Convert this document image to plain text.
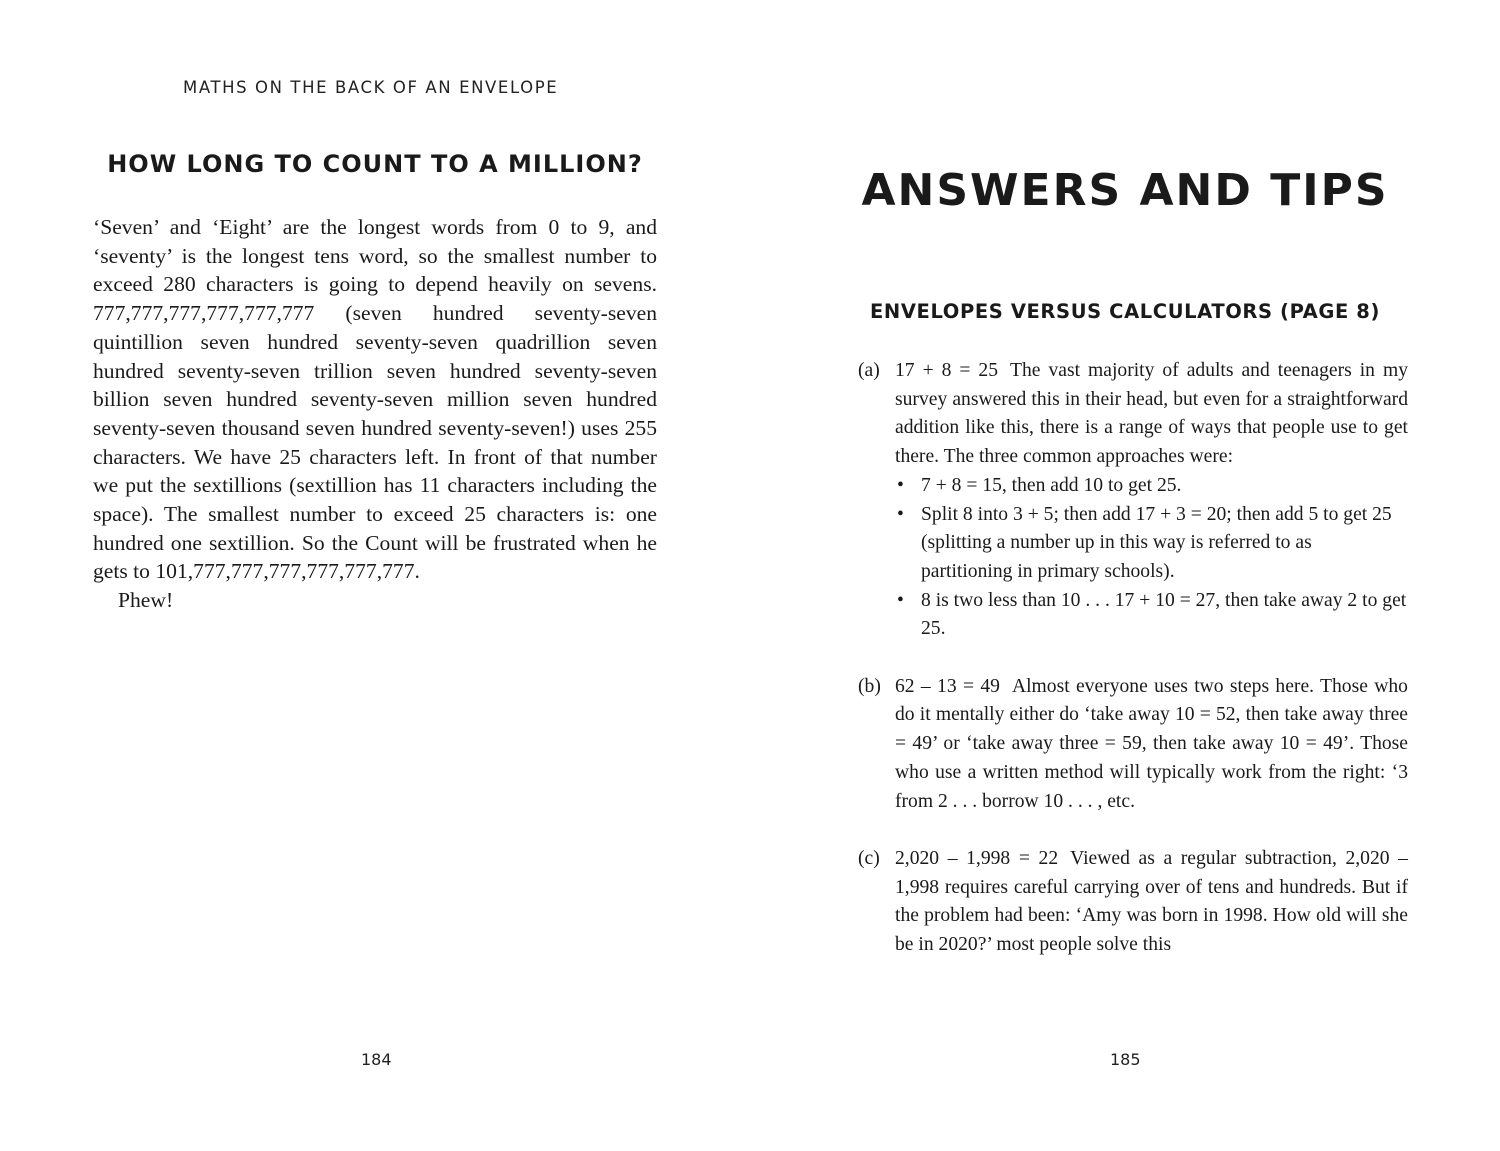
MATHS ON THE BACK OF AN ENVELOPE
HOW LONG TO COUNT TO A MILLION?

‘Seven’ and ‘Eight’ are the longest words from 0 to 9, and ‘seventy’ is the longest tens word, so the smallest number to exceed 280 characters is going to depend heavily on sevens. 777,777,777,777,777,777 (seven hundred seventy-seven quintillion seven hundred seventy-seven quadrillion seven hundred seventy-seven trillion seven hundred seventy-seven billion seven hundred seventy-seven million seven hundred seventy-seven thousand seven hundred seventy-seven!) uses 255 characters. We have 25 characters left. In front of that number we put the sextillions (sextillion has 11 characters including the space). The smallest number to exceed 25 characters is: one hundred one sextillion. So the Count will be frustrated when he gets to 101,777,777,777,777,777,777.

Phew!

184
ANSWERS AND TIPS
ENVELOPES VERSUS CALCULATORS (PAGE 8)
(a) 17 + 8 = 25 The vast majority of adults and teenagers in my survey answered this in their head, but even for a straightforward addition like this, there is a range of ways that people use to get there. The three common approaches were:

• 7 + 8 = 15, then add 10 to get 25.
• Split 8 into 3 + 5; then add 17 + 3 = 20; then add 5 to get 25 (splitting a number up in this way is referred to as partitioning in primary schools).
• 8 is two less than 10 . . . 17 + 10 = 27, then take away 2 to get 25.
(b) 62 – 13 = 49 Almost everyone uses two steps here. Those who do it mentally either do ‘take away 10 = 52, then take away three = 49’ or ‘take away three = 59, then take away 10 = 49’. Those who use a written method will typically work from the right: ‘3 from 2 . . . borrow 10 . . . , etc.

(c) 2,020 – 1,998 = 22 Viewed as a regular subtraction, 2,020 – 1,998 requires careful carrying over of tens and hundreds. But if the problem had been: ‘Amy was born in 1998. How old will she be in 2020?’ most people solve this

185
